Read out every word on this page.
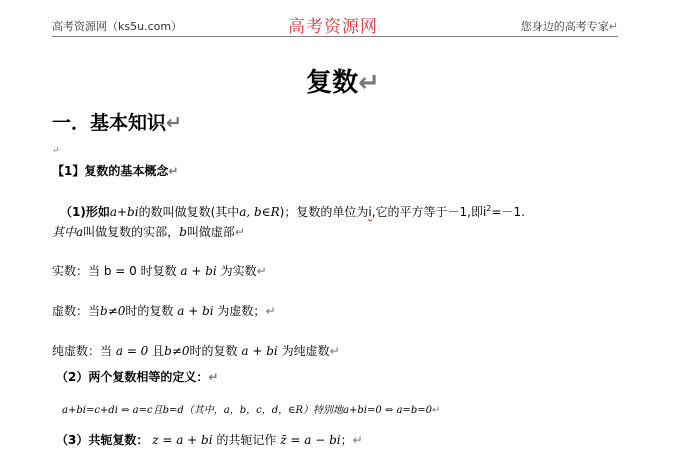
高考资源网（ks5u.com）	高考资源网	您身边的高考专家↵
复数↵
一．基本知识↵
↵
【1】复数的基本概念↵
（1)形如a+bi的数叫做复数(其中a, b∈R)；复数的单位为i,它的平方等于－1,即$i^2=-1$.
其中a叫做复数的实部，b叫做虚部↵
实数：当 b = 0 时复数 a + bi 为实数↵
虚数：当b≠0时的复数 a + bi 为虚数；↵
纯虚数：当 a = 0 且b≠0时的复数 a + bi 为纯虚数↵
（2）两个复数相等的定义：↵
a+bi=c+di ⇔ a=c且b=d（其中，a，b，c，d，∈R）特别地a+bi=0 ⇔ a=b=0↵
（3）共轭复数： z = a + bi 的共轭记作 z̄ = a − bi；↵
